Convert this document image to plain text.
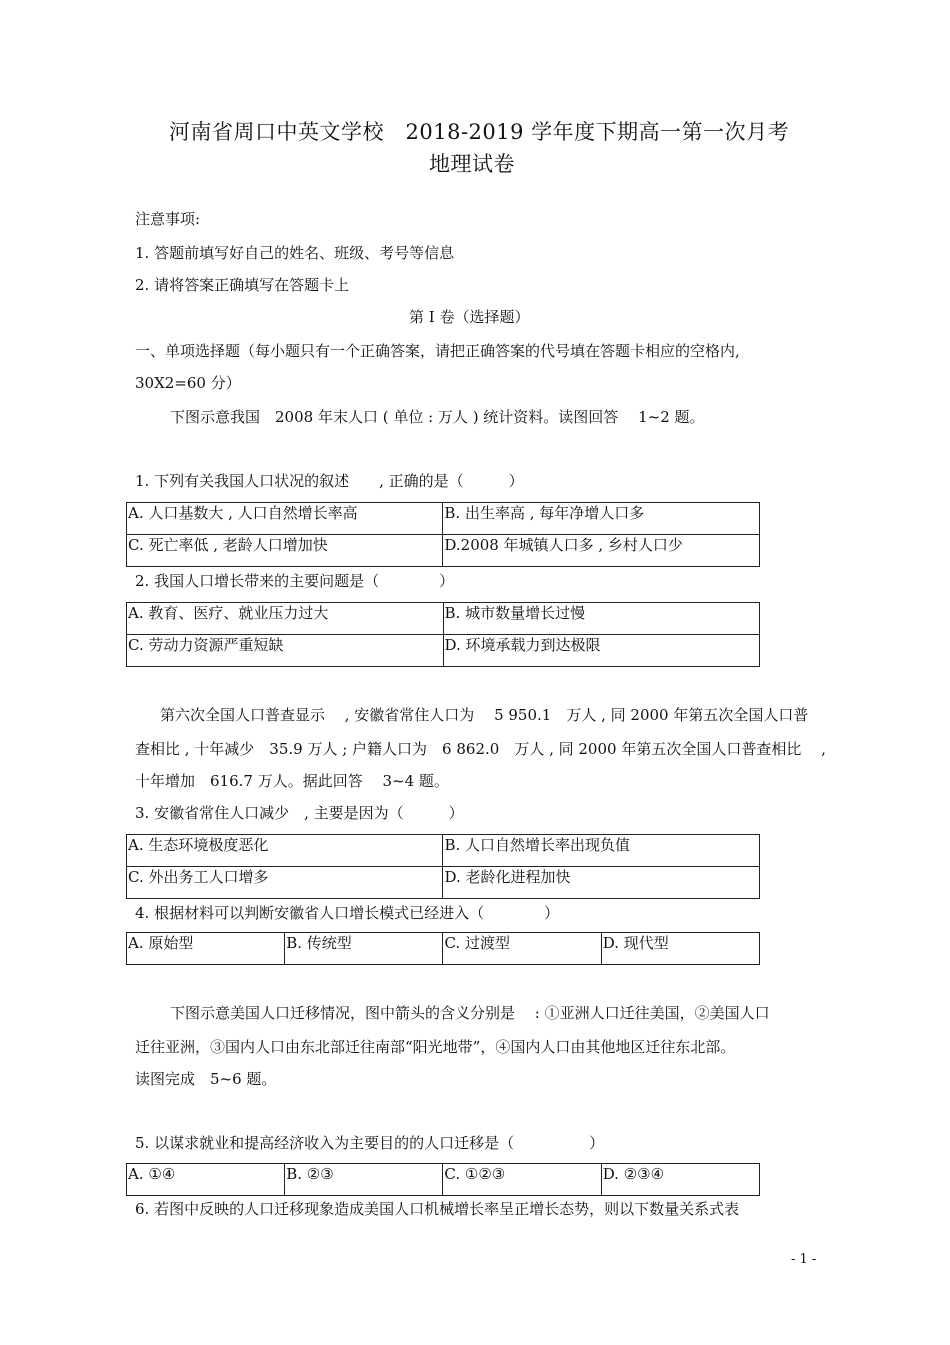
河南省周口中英文学校　2018-2019 学年度下期高一第一次月考
地理试卷
注意事项:
1. 答题前填写好自己的姓名、班级、考号等信息
2. 请将答案正确填写在答题卡上
第 Ⅰ 卷（选择题）
一、单项选择题（每小题只有一个正确答案，请把正确答案的代号填在答题卡相应的空格内,
30X2=60 分）
下图示意我国　2008 年末人口 ( 单位 : 万人 ) 统计资料。读图回答　 1~2 题。
1. 下列有关我国人口状况的叙述　　, 正确的是（　　　）
A. 人口基数大 , 人口自然增长率高	B. 出生率高 , 每年净增人口多
C. 死亡率低 , 老龄人口增加快	D.2008 年城镇人口多 , 乡村人口少
2. 我国人口增长带来的主要问题是（　　　　）
A. 教育、医疗、就业压力过大	B. 城市数量增长过慢
C. 劳动力资源严重短缺	D. 环境承载力到达极限
第六次全国人口普查显示　 , 安徽省常住人口为　 5 950.1　万人 , 同 2000 年第五次全国人口普
查相比 , 十年减少　35.9 万人 ; 户籍人口为　6 862.0　万人 , 同 2000 年第五次全国人口普查相比　 ,
十年增加　616.7 万人。据此回答　 3~4 题。
3. 安徽省常住人口减少　, 主要是因为（　　　）
A. 生态环境极度恶化	B. 人口自然增长率出现负值
C. 外出务工人口增多	D. 老龄化进程加快
4. 根据材料可以判断安徽省人口增长模式已经进入（　　　　）
A. 原始型	B. 传统型	C. 过渡型	D. 现代型
下图示意美国人口迁移情况，图中箭头的含义分别是　 : ①亚洲人口迁往美国，②美国人口
迁往亚洲，③国内人口由东北部迁往南部“阳光地带”，④国内人口由其他地区迁往东北部。
读图完成　5~6 题。
5. 以谋求就业和提高经济收入为主要目的的人口迁移是（　　　　　）
A. ①④	B. ②③	C. ①②③	D. ②③④
6. 若图中反映的人口迁移现象造成美国人口机械增长率呈正增长态势，则以下数量关系式表
- 1 -
